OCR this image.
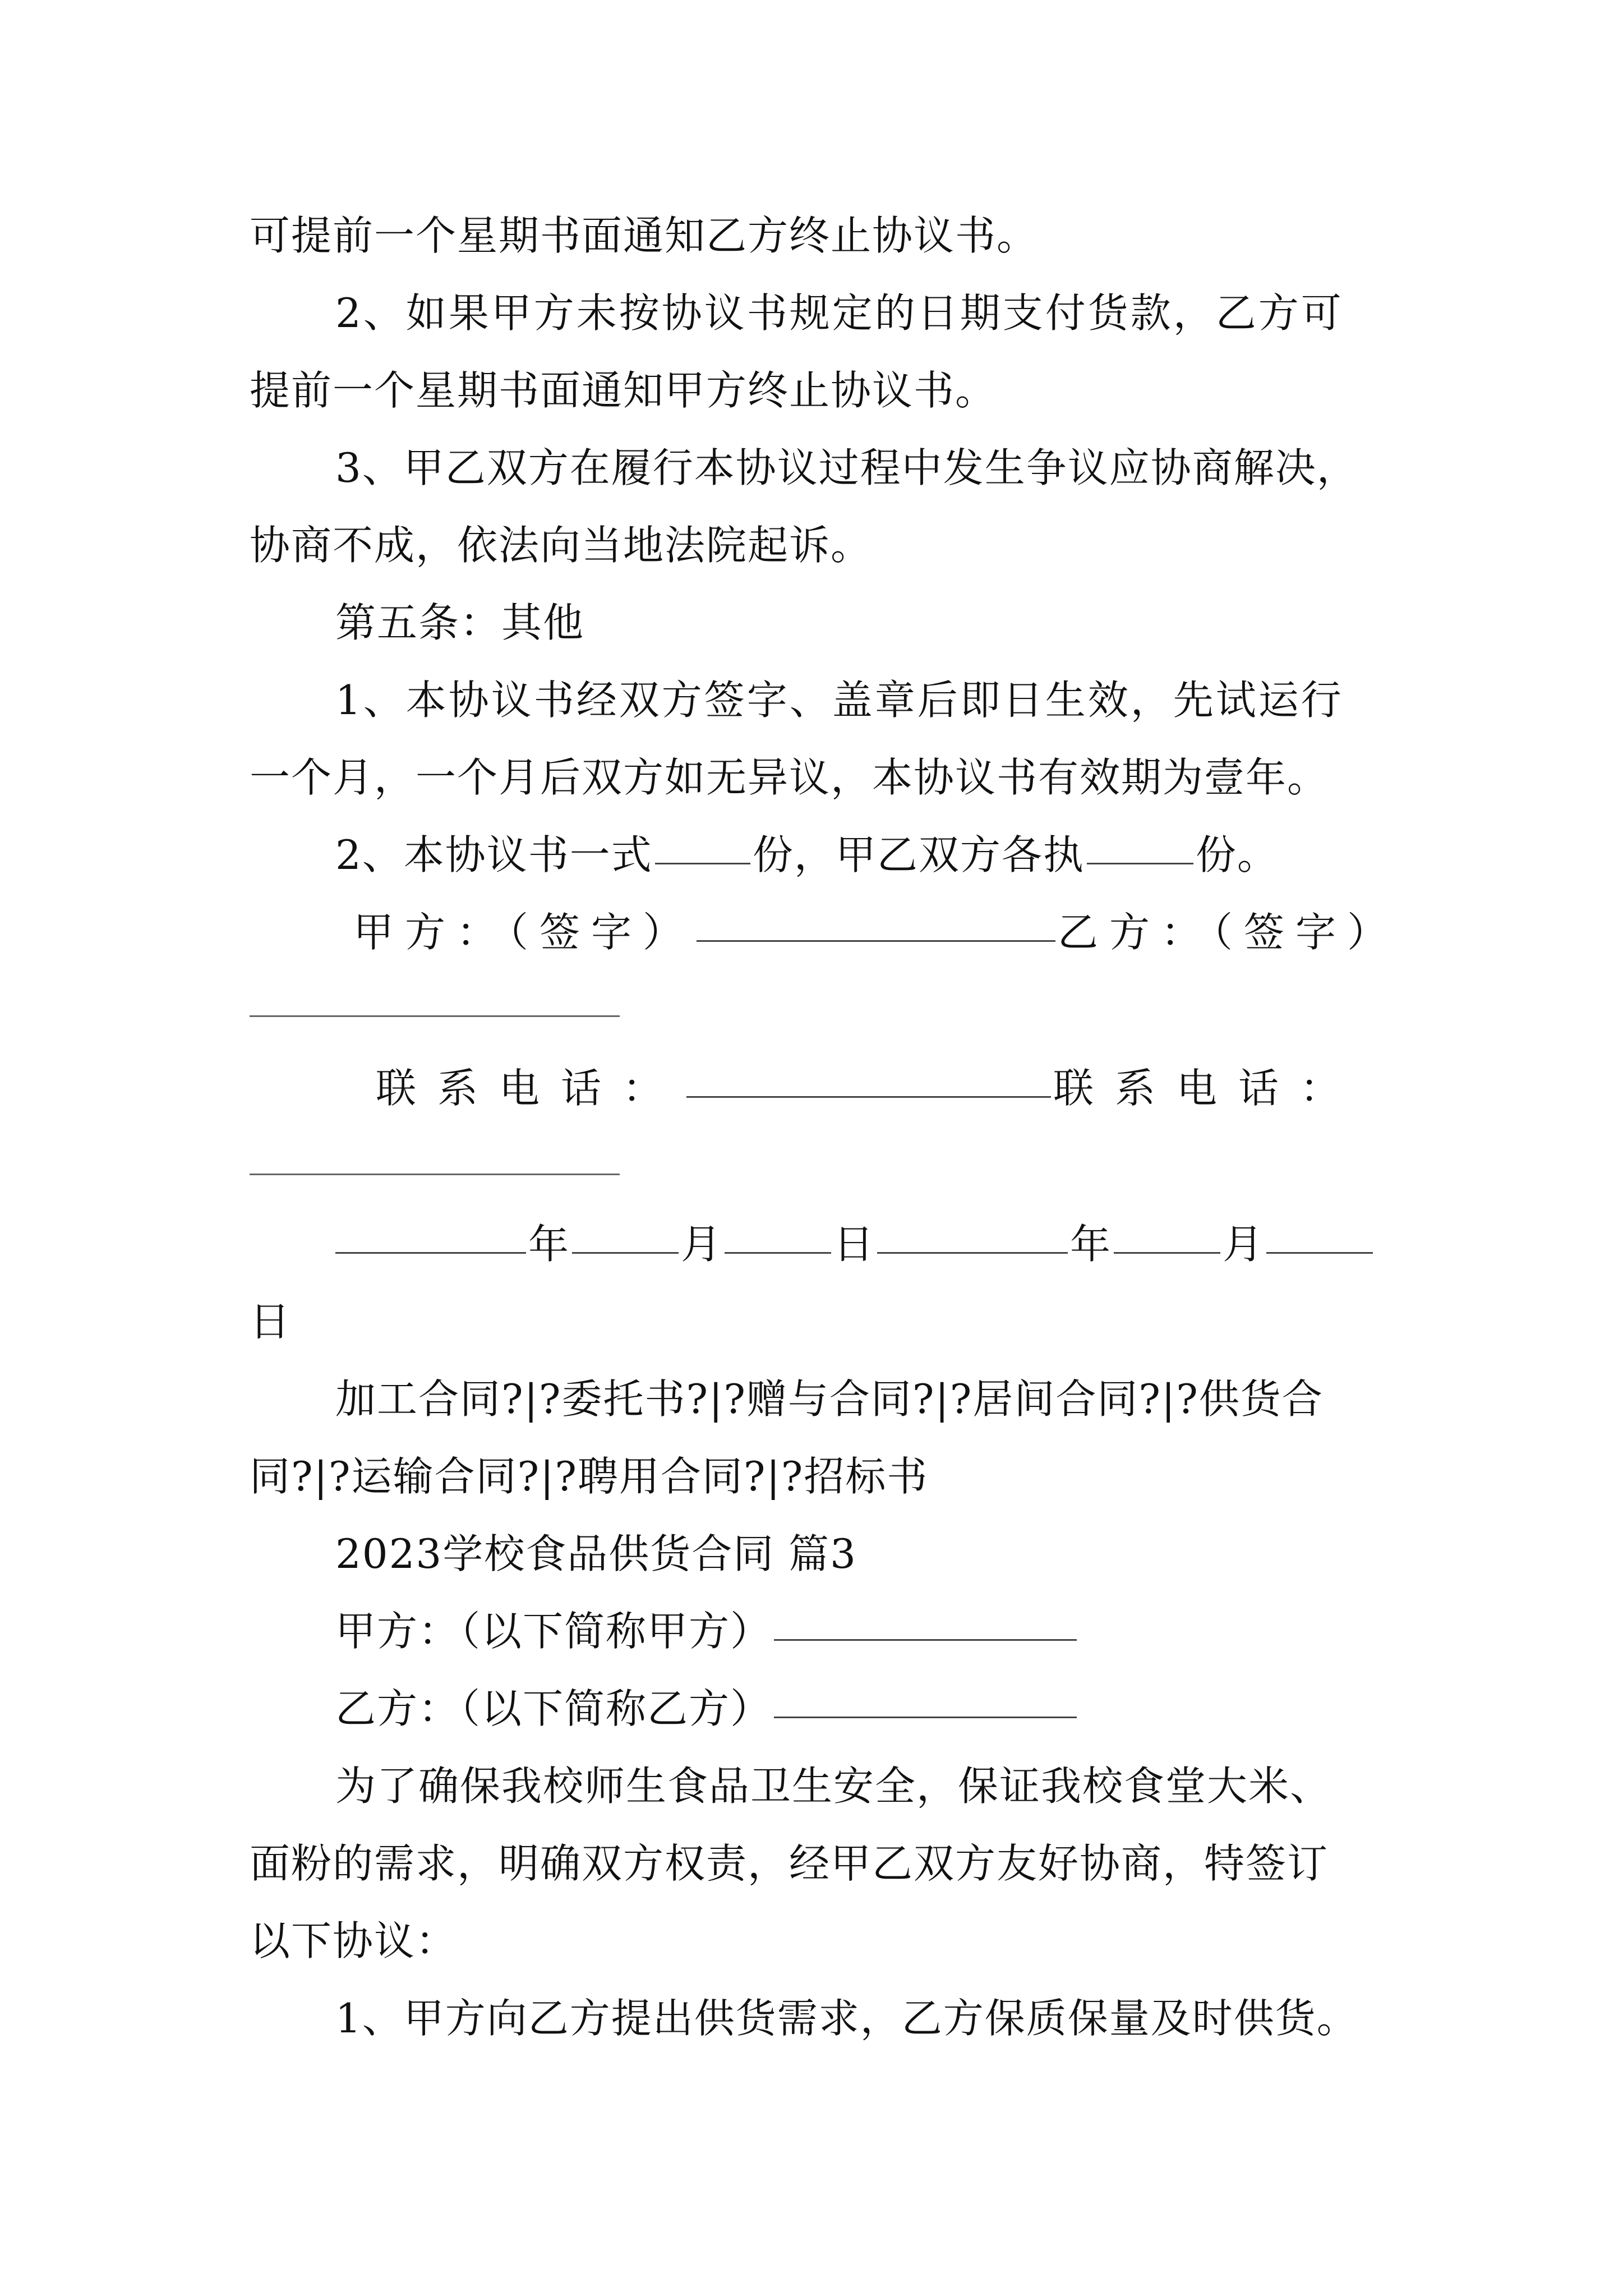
可提前一个星期书面通知乙方终止协议书。
2、如果甲方未按协议书规定的日期支付货款，乙方可
提前一个星期书面通知甲方终止协议书。
3、甲乙双方在履行本协议过程中发生争议应协商解决，
协商不成，依法向当地法院起诉。
第五条：其他
1、本协议书经双方签字、盖章后即日生效，先试运行
一个月，一个月后双方如无异议，本协议书有效期为壹年。
2、本协议书一式 份，甲乙双方各执	份。
甲方：（签字）	乙方：（签字）
联系电话：	联系电话：
年	月	日	年	月
日
加工合同?|?委托书?|?赠与合同?|?居间合同?|?供货合
同?|?运输合同?|?聘用合同?|?招标书
2023学校食品供货合同 篇3
甲方：（以下简称甲方）
乙方：（以下简称乙方）
为了确保我校师生食品卫生安全，保证我校食堂大米、
面粉的需求，明确双方权责，经甲乙双方友好协商，特签订
以下协议：
1、甲方向乙方提出供货需求，乙方保质保量及时供货。
